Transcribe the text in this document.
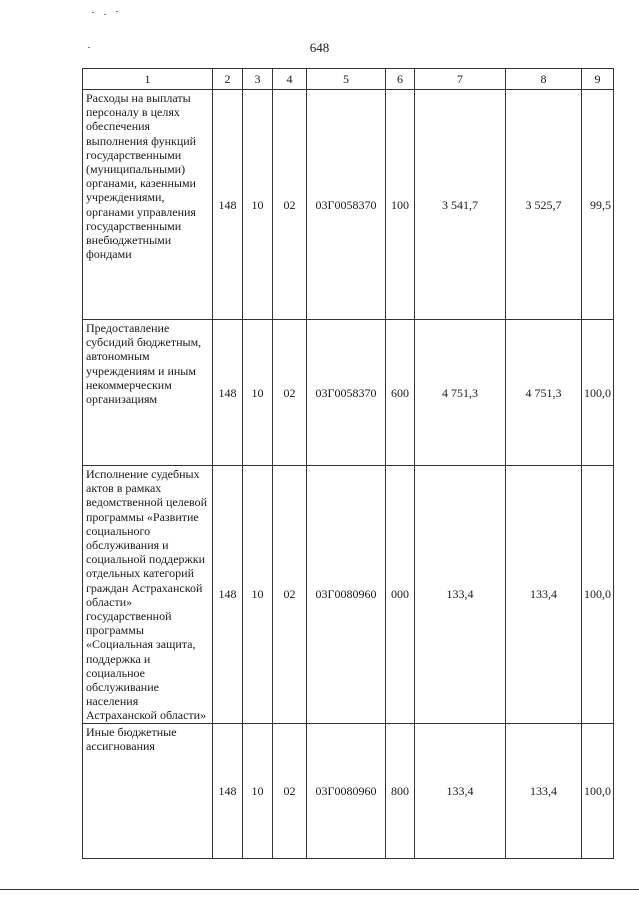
648
1	2	3	4	5	6	7	8	9
Расходы на выплаты персоналу в целях обеспечения выполнения функций государственными (муниципальными) органами, казенными учреждениями, органами управления государственными внебюджетными фондами	148	10	02	03Г0058370	100	3 541,7	3 525,7	99,5
Предоставление субсидий бюджетным, автономным учреждениям и иным некоммерческим организациям	148	10	02	03Г0058370	600	4 751,3	4 751,3	100,0
Исполнение судебных актов в рамках ведомственной целевой программы «Развитие социального обслуживания и социальной поддержки отдельных категорий граждан Астраханской области» государственной программы «Социальная защита, поддержка и социальное обслуживание населения Астраханской области»	148	10	02	03Г0080960	000	133,4	133,4	100,0
Иные бюджетные ассигнования	148	10	02	03Г0080960	800	133,4	133,4	100,0
